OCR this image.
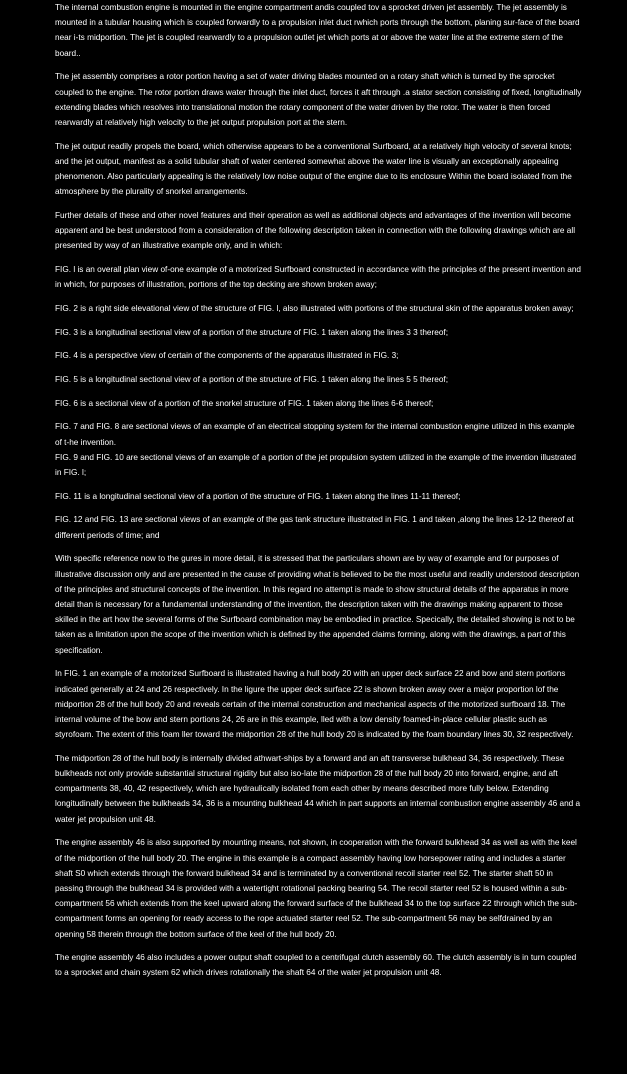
The internal combustion engine is mounted in the engine compartment andis coupled tov a sprocket driven jet assembly. The jet assembly is mounted in a tubular housing which is coupled forwardly to a propulsion inlet duct rwhich ports through the bottom, planing sur-face of the board near i-ts midportion. The jet is coupled rearwardly to a propulsion outlet jet which ports at or above the water line at the extreme stern of the board..

The jet assembly comprises a rotor portion having a set of water driving blades mounted on a rotary shaft which is turned by the sprocket coupled to the engine. The rotor portion draws water through the inlet duct, forces it aft through .a stator section consisting of fixed, longitudinally extending blades which resolves into translational motion the rotary component of the water driven by the rotor. The water is then forced rearwardly at relatively high velocity to the jet output propulsion port at the stern.

The jet output readily propels the board, which otherwise appears to be a conventional Surfboard, at a relatively high velocity of several knots; and the jet output, manifest as a solid tubular shaft of water centered somewhat above the water line is visually an exceptionally appealing phenomenon. Also particularly appealing is the relatively low noise output of the engine due to its enclosure Within the board isolated from the atmosphere by the plurality of snorkel arrangements.

Further details of these and other novel features and their operation as well as additional objects and advantages of the invention will become apparent and be best understood from a consideration of the following description taken in connection with the following drawings which are all presented by way of an illustrative example only, and in which:

FIG. l is an overall plan view of-one example of a motorized Surfboard constructed in accordance with the principles of the present invention and in which, for purposes of illustration, portions of the top decking are shown broken away;

FIG. 2 is a right side elevational view of the structure of FIG. l, also illustrated with portions of the structural skin of the apparatus broken away;

FIG. 3 is a longitudinal sectional view of a portion of the structure of FIG. 1 taken along the lines 3 3 thereof;

FIG. 4 is a perspective view of certain of the components of the apparatus illustrated in FIG. 3;

FIG. 5 is a longitudinal sectional view of a portion of the structure of FIG. 1 taken along the lines 5 5 thereof;

FIG. 6 is a sectional view of a portion of the snorkel structure of FIG. 1 taken along the lines 6-6 thereof;

FIG. 7 and FIG. 8 are sectional views of an example of an electrical stopping system for the internal combustion engine utilized in this example of t-he invention.

FIG. 9 and FIG. 10 are sectional views of an example of a portion of the jet propulsion system utilized in the example of the invention illustrated in FIG. l;

FIG. 11 is a longitudinal sectional view of a portion of the structure of FIG. 1 taken along the lines 11-11 thereof;

FIG. 12 and FIG. 13 are sectional views of an example of the gas tank structure illustrated in FIG. 1 and taken ,along the lines 12-12 thereof at different periods of time; and

With specific reference now to the gures in more detail, it is stressed that the particulars shown are by way of example and for purposes of illustrative discussion only and are presented in the cause of providing what is believed to be the most useful and readily understood description of the principles and structural concepts of the invention. In this regard no attempt is made to show structural details of the apparatus in more detail than is necessary for a fundamental understanding of the invention, the description taken with the drawings making apparent to those skilled in the art how the several forms of the Surfboard combination may be embodied in practice. Specically, the detailed showing is not to be taken as a limitation upon the scope of the invention which is defined by the appended claims forming, along with the drawings, a part of this specification.

In FIG. 1 an example of a motorized Surfboard is illustrated having a hull body 20 with an upper deck surface 22 and bow and stern portions indicated generally at 24 and 26 respectively. In the ligure the upper deck surface 22 is shown broken away over a major proportion lof the midportion 28 of the hull body 20 and reveals certain of the internal construction and mechanical aspects of the motorized surfboard 18. The internal volume of the bow and stern portions 24, 26 are in this example, lled with a low density foamed-in-place cellular plastic such as styrofoam. The extent of this foam ller toward the midportion 28 of the hull body 20 is indicated by the foam boundary lines 30, 32 respectively.

The midportion 28 of the hull body is internally divided athwart-ships by a forward and an aft transverse bulkhead 34, 36 respectively. These bulkheads not only provide substantial structural rigidity but also iso-late the midportion 28 of the hull body 20 into forward, engine, and aft compartments 38, 40, 42 respectively, which are hydraulically isolated from each other by means described more fully below. Extending longitudinally between the bulkheads 34, 36 is a mounting bulkhead 44 which in part supports an internal combustion engine assembly 46 and a water jet propulsion unit 48.

The engine assembly 46 is also supported by mounting means, not shown, in cooperation with the forward bulkhead 34 as well as with the keel of the midportion of the hull body 20. The engine in this example is a compact assembly having low horsepower rating and includes a starter shaft S0 which extends through the forward bulkhead 34 and is terminated by a conventional recoil starter reel 52. The starter shaft 50 in passing through the bulkhead 34 is provided with a watertight rotational packing bearing 54. The recoil starter reel 52 is housed within a sub-compartment 56 which extends from the keel upward along the forward surface of the bulkhead 34 to the top surface 22 through which the sub-compartment forms an opening for ready access to the rope actuated starter reel 52. The sub-compartment 56 may be selfdrained by an opening 58 therein through the bottom surface of the keel of the hull body 20.

The engine assembly 46 also includes a power output shaft coupled to a centrifugal clutch assembly 60. The clutch assembly is in turn coupled to a sprocket and chain system 62 which drives rotationally the shaft 64 of the water jet propulsion unit 48.
